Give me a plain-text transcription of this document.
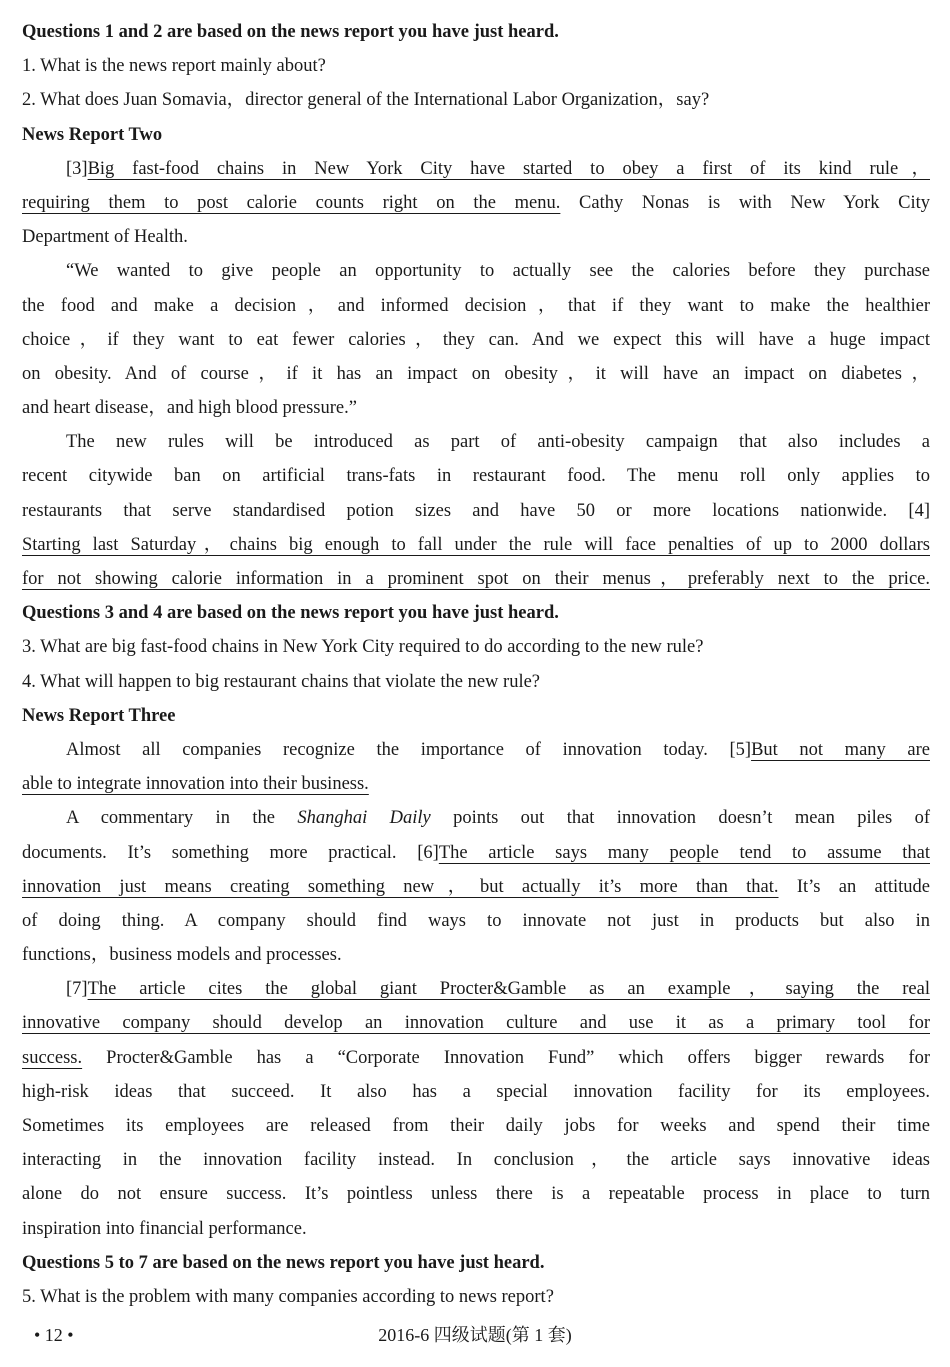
Questions 1 and 2 are based on the news report you have just heard.
1. What is the news report mainly about?
2. What does Juan Somavia，director general of the International Labor Organization，say?
News Report Two
[3]Big fast-food chains in New York City have started to obey a first of its kind rule，
requiring them to post calorie counts right on the menu. Cathy Nonas is with New York City
Department of Health.
“We wanted to give people an opportunity to actually see the calories before they purchase
the food and make a decision，and informed decision，that if they want to make the healthier
choice，if they want to eat fewer calories，they can. And we expect this will have a huge impact
on obesity. And of course，if it has an impact on obesity，it will have an impact on diabetes，
and heart disease，and high blood pressure.”
The new rules will be introduced as part of anti-obesity campaign that also includes a
recent citywide ban on artificial trans-fats in restaurant food. The menu roll only applies to
restaurants that serve standardised potion sizes and have 50 or more locations nationwide. [4]
Starting last Saturday，chains big enough to fall under the rule will face penalties of up to 2000 dollars
for not showing calorie information in a prominent spot on their menus，preferably next to the price.
Questions 3 and 4 are based on the news report you have just heard.
3. What are big fast-food chains in New York City required to do according to the new rule?
4. What will happen to big restaurant chains that violate the new rule?
News Report Three
Almost all companies recognize the importance of innovation today. [5]But not many are
able to integrate innovation into their business.
A commentary in the Shanghai Daily points out that innovation doesn’t mean piles of
documents. It’s something more practical. [6]The article says many people tend to assume that
innovation just means creating something new，but actually it’s more than that. It’s an attitude
of doing thing. A company should find ways to innovate not just in products but also in
functions，business models and processes.
[7]The article cites the global giant Procter&Gamble as an example，saying the real
innovative company should develop an innovation culture and use it as a primary tool for
success. Procter&Gamble has a “Corporate Innovation Fund” which offers bigger rewards for
high-risk ideas that succeed. It also has a special innovation facility for its employees.
Sometimes its employees are released from their daily jobs for weeks and spend their time
interacting in the innovation facility instead. In conclusion，the article says innovative ideas
alone do not ensure success. It’s pointless unless there is a repeatable process in place to turn
inspiration into financial performance.
Questions 5 to 7 are based on the news report you have just heard.
5. What is the problem with many companies according to news report?
• 12 •	2016-6 四级试题(第 1 套)
